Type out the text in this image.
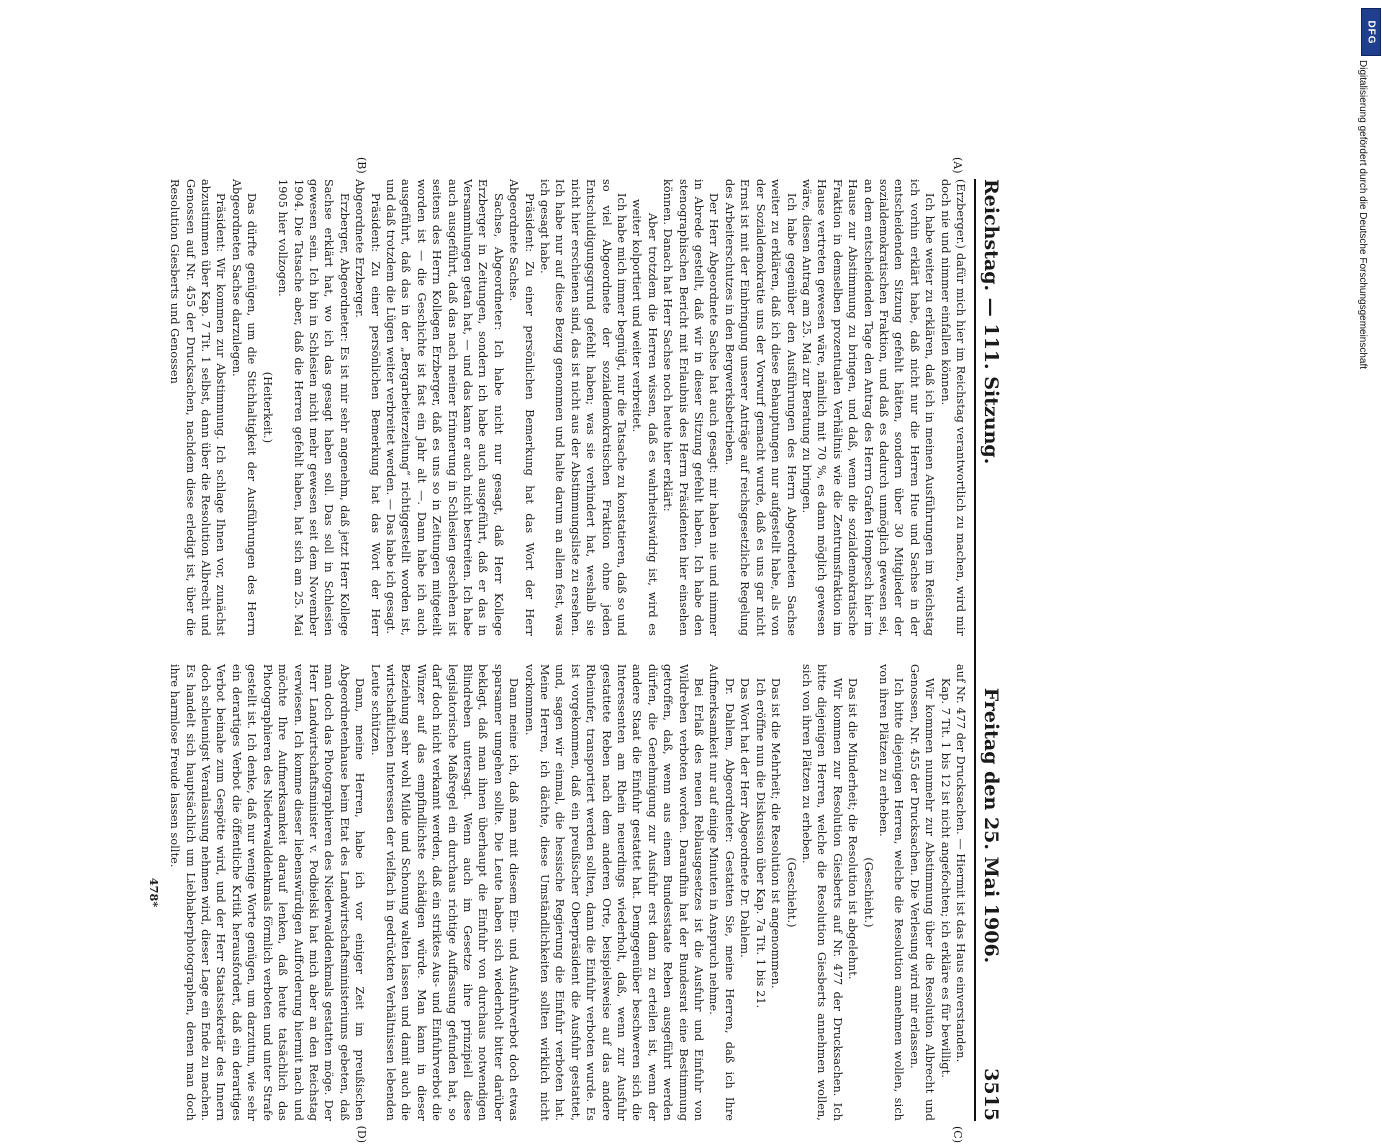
Reichstag. — 111. Sitzung.
Freitag den 25. Mai 1906.
3515
(A)
(B)
(C)
(D)

(Erzberger.) dafür mich hier im Reichstag verantwortlich zu machen, wird mir doch nie und nimmer einfallen können.

Ich habe weiter zu erklären, daß ich in meinen Ausführungen im Reichstag ich vorhin erklärt habe, daß nicht nur die Herren Hue und Sachse in der entscheidenden Sitzung gefehlt hätten, sondern über 30 Mitglieder der sozialdemokratischen Fraktion, und daß es dadurch unmöglich gewesen sei, an dem entscheidenden Tage den Antrag des Herrn Grafen Hompesch hier im Hause zur Abstimmung zu bringen, und daß, wenn die sozialdemokratische Fraktion in demselben prozentualen Verhältnis wie die Zentrumsfraktion im Hause vertreten gewesen wäre, nämlich mit 70 %, es dann möglich gewesen wäre, diesen Antrag am 25. Mai zur Beratung zu bringen.

Ich habe gegenüber den Ausführungen des Herrn Abgeordneten Sachse weiter zu erklären, daß ich diese Behauptungen nur aufgestellt habe, als von der Sozialdemokratie uns der Vorwurf gemacht wurde, daß es uns gar nicht Ernst ist mit der Einbringung unserer Anträge auf reichsgesetzliche Regelung des Arbeiterschutzes in den Bergwerksbetrieben.

Der Herr Abgeordnete Sachse hat auch gesagt: mir haben nie und nimmer in Abrede gestellt, daß wir in dieser Sitzung gefehlt haben. Ich habe den stenographischen Bericht mit Erlaubnis des Herrn Präsidenten hier einsehen können. Danach hat Herr Sachse noch heute hier erklärt:

Aber trotzdem die Herren wissen, daß es wahrheitswidrig ist, wird es weiter kolportiert und weiter verbreitet.

Ich habe mich immer begnügt, nur die Tatsache zu konstatieren, daß so und so viel Abgeordnete der sozialdemokratischen Fraktion ohne jeden Entschuldigungsgrund gefehlt haben; was sie verhindert hat, weshalb sie nicht hier erschienen sind, das ist nicht aus der Abstimmungsliste zu ersehen. Ich habe nur auf diese Bezug genommen und halte darum an allem fest, was ich gesagt habe.

Präsident: Zu einer persönlichen Bemerkung hat das Wort der Herr Abgeordnete Sachse.

Sachse, Abgeordneter: Ich habe nicht nur gesagt, daß Herr Kollege Erzberger in Zeitungen, sondern ich habe auch ausgeführt, daß er das in Versammlungen getan hat, — und das kann er auch nicht bestreiten. Ich habe auch ausgeführt, daß das nach meiner Erinnerung in Schlesien geschehen ist seitens des Herrn Kollegen Erzberger, daß es uns so in Zeitungen mitgeteilt worden ist — die Geschichte ist fast ein Jahr alt —. Dann habe ich auch ausgeführt, daß das in der „Bergarbeiterzeitung“ richtiggestellt worden ist, und daß trotzdem die Lügen weiter verbreitet werden. — Das habe ich gesagt.

Präsident: Zu einer persönlichen Bemerkung hat das Wort der Herr Abgeordnete Erzberger.

Erzberger, Abgeordneter: Es ist mir sehr angenehm, daß jetzt Herr Kollege Sachse erklärt hat, wo ich das gesagt haben soll. Das soll in Schlesien gewesen sein. Ich bin in Schlesien nicht mehr gewesen seit dem November 1904. Die Tatsache aber, daß die Herren gefehlt haben, hat sich am 25. Mai 1905 hier vollzogen.

(Heiterkeit.)

Das dürfte genügen, um die Stichhaltigkeit der Ausführungen des Herrn Abgeordneten Sachse darzulegen.

Präsident: Wir kommen zur Abstimmung. Ich schlage Ihnen vor, zunächst abzustimmen über Kap. 7 Tit. 1 selbst, dann über die Resolution Albrecht und Genossen auf Nr. 455 der Drucksachen, nachdem diese erledigt ist, über die Resolution Giesberts und Genossen

auf Nr. 477 der Drucksachen. — Hiermit ist das Haus einverstanden.

Kap. 7 Tit. 1 bis 12 ist nicht angefochten; ich erkläre es für bewilligt.

Wir kommen nunmehr zur Abstimmung über die Resolution Albrecht und Genossen, Nr. 455 der Drucksachen. Die Verlesung wird mir erlassen.

Ich bitte diejenigen Herren, welche die Resolution annehmen wollen, sich von ihren Plätzen zu erheben.

(Geschieht.)

Das ist die Minderheit; die Resolution ist abgelehnt.

Wir kommen zur Resolution Giesberts auf Nr. 477 der Drucksachen. Ich bitte diejenigen Herren, welche die Resolution Giesberts annehmen wollen, sich von ihren Plätzen zu erheben.

(Geschieht.)

Das ist die Mehrheit; die Resolution ist angenommen.

Ich eröffne nun die Diskussion über Kap. 7a Tit. 1 bis 21.

Das Wort hat der Herr Abgeordnete Dr. Dahlem.

Dr. Dahlem, Abgeordneter: Gestatten Sie, meine Herren, daß ich Ihre Aufmerksamkeit nur auf einige Minuten in Anspruch nehme.

Bei Erlaß des neuen Reblausgesetzes ist die Ausfuhr und Einfuhr von Wildreben verboten worden. Daraufhin hat der Bundesrat eine Bestimmung getroffen, daß, wenn aus einem Bundesstaate Reben ausgeführt werden dürfen, die Genehmigung zur Ausfuhr erst dann zu erteilen ist, wenn der andere Staat die Einfuhr gestattet hat. Demgegenüber beschweren sich die Interessenten am Rhein neuerdings wiederholt, daß, wenn zur Ausfuhr gestattete Reben nach dem anderen Orte, beispielsweise auf das andere Rheinufer, transportiert werden sollten, dann die Einfuhr verboten wurde. Es ist vorgekommen, daß ein preußischer Oberpräsident die Ausfuhr gestattet, und, sagen wir einmal, die hessische Regierung die Einfuhr verboten hat. Meine Herren, ich dächte, diese Umständlichkeiten sollten wirklich nicht vorkommen.

Dann meine ich, daß man mit diesem Ein- und Ausfuhrverbot doch etwas sparsamer umgehen sollte. Die Leute haben sich wiederholt bitter darüber beklagt, daß man ihnen überhaupt die Einfuhr von durchaus notwendigen Blindreben untersagt. Wenn auch im Gesetze ihre prinzipiell diese legislatorische Maßregel ein durchaus richtige Auffassung gefunden hat, so darf doch nicht verkannt werden, daß ein striktes Aus- und Einfuhrverbot die Winzer auf das empfindlichste schädigen würde. Man kann in dieser Beziehung sehr wohl Milde und Schonung walten lassen und damit auch die wirtschaftlichen Interessen der vielfach in gedrückten Verhältnissen lebenden Leute schützen.

Dann, meine Herren, habe ich vor einiger Zeit im preußischen Abgeordnetenhause beim Etat des Landwirtschaftsministeriums gebeten, daß man doch das Photographieren des Niederwalddenkmals gestatten möge. Der Herr Landwirtschaftsminister v. Podbielski hat mich aber an den Reichstag verwiesen. Ich komme dieser liebenswürdigen Aufforderung hiermit nach und möchte Ihre Aufmerksamkeit darauf lenken, daß heute tatsächlich das Photographieren des Niederwalddenkmals förmlich verboten und unter Strafe gestellt ist. Ich denke, daß nur wenige Worte genügen, um darzutun, wie sehr ein derartiges Verbot die öffentliche Kritik herausfordert, daß ein derartiges Verbot beinahe zum Gespötte wird, und der Herr Staatssekretär des Innern doch schleunigst Veranlassung nehmen wird, dieser Lage ein Ende zu machen. Es handelt sich hauptsächlich um Liebhaberphotographen, denen man doch ihre harmlose Freude lassen sollte.

478*

DFG
Digitalisierung gefördert durch die Deutsche Forschungsgemeinschaft
